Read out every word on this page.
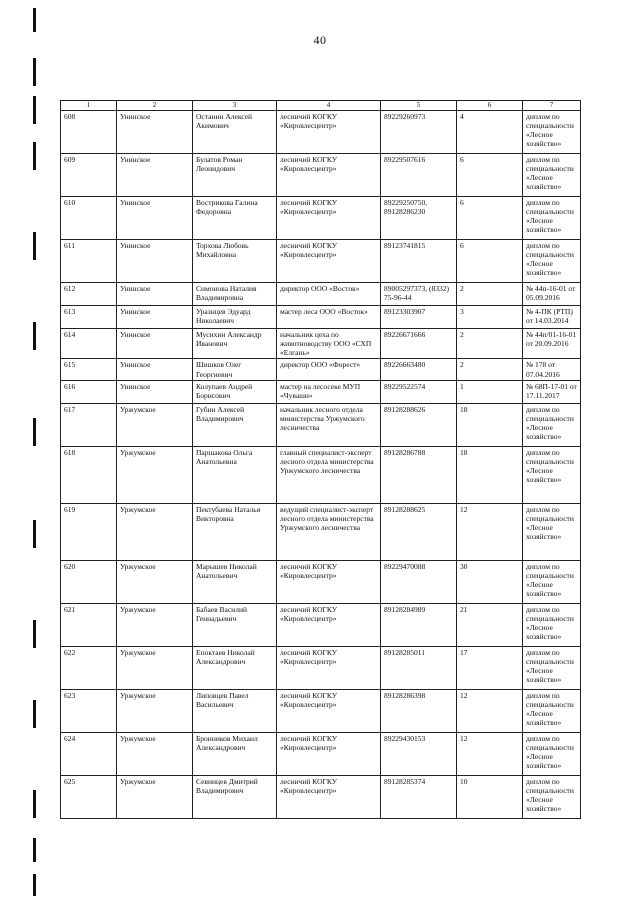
40
1	2	3	4	5	6	7
608	Унинское	Останин Алексей Акимович	лесничий КОГКУ «Кировлесцентр»	89229260973	4	диплом по специальности «Лесное хозяйство»
609	Унинское	Булатов Роман Леонидович	лесничий КОГКУ «Кировлесцентр»	89229507616	6	диплом по специальности «Лесное хозяйство»
610	Унинское	Вострикова Галина Федоровна	лесничий КОГКУ «Кировлесцентр»	89229250750, 89128286230	6	диплом по специальности «Лесное хозяйство»
611	Унинское	Торхова Любовь Михайловна	лесничий КОГКУ «Кировлесцентр»	89123741815	6	диплом по специальности «Лесное хозяйство»
612	Унинское	Симонова Наталия Владимировна	директор ООО «Восток»	89005297373, (8332) 75-96-44	2	№ 44п-16-01 от 05.09.2016
613	Унинское	Уразнцев Эдуард Николаевич	мастер леса ООО «Восток»	89123303907	3	№ 4-ПК (РТП) от 14.03.2014
614	Унинское	Мусихин Александр Иванович	начальник цеха по животноводству ООО «СХП «Елгань»	89226671666	2	№ 44п/01-16-01 от 20.09.2016
615	Унинское	Шишков Олег Георгиевич	директор ООО «Форест»	89226663480	2	№ 178 от 07.04.2016
616	Унинское	Колупаев Андрей Борисович	мастер на лесосеке МУП «Чувашн»	89229522574	1	№ 68П-17-01 от 17.11.2017
617	Уржумское	Губин Алексей Владимирович	начальник лесного отдела министерства Уржумского лесничества	89128288626	18	диплом по специальности «Лесное хозяйство»
618	Уржумское	Паршакова Ольга Анатольевна	главный специалист-эксперт лесного отдела министерства Уржумского лесничества	89128286788	18	диплом по специальности «Лесное хозяйство»
619	Уржумское	Пектубаева Наталья Викторовна	ведущий специалист-эксперт лесного отдела министерства Уржумского лесничества	89128288625	12	диплом по специальности «Лесное хозяйство»
620	Уржумское	Марышев Николай Анатольевич	лесничий КОГКУ «Кировлесцентр»	89229470088	30	диплом по специальности «Лесное хозяйство»
621	Уржумское	Бабаев Василий Геннадьевич	лесничий КОГКУ «Кировлесцентр»	89128284989	21	диплом по специальности «Лесное хозяйство»
622	Уржумское	Епоктаев Николай Александрович	лесничий КОГКУ «Кировлесцентр»	89128285011	17	диплом по специальности «Лесное хозяйство»
623	Уржумское	Липовцев Павел Васильевич	лесничий КОГКУ «Кировлесцентр»	89128286398	12	диплом по специальности «Лесное хозяйство»
624	Уржумское	Бронников Михаил Александрович	лесничий КОГКУ «Кировлесцентр»	89229430153	12	диплом по специальности «Лесное хозяйство»
625	Уржумское	Севинцев Дмитрий Владимирович	лесничий КОГКУ «Кировлесцентр»	89128285374	10	диплом по специальности «Лесное хозяйство»
